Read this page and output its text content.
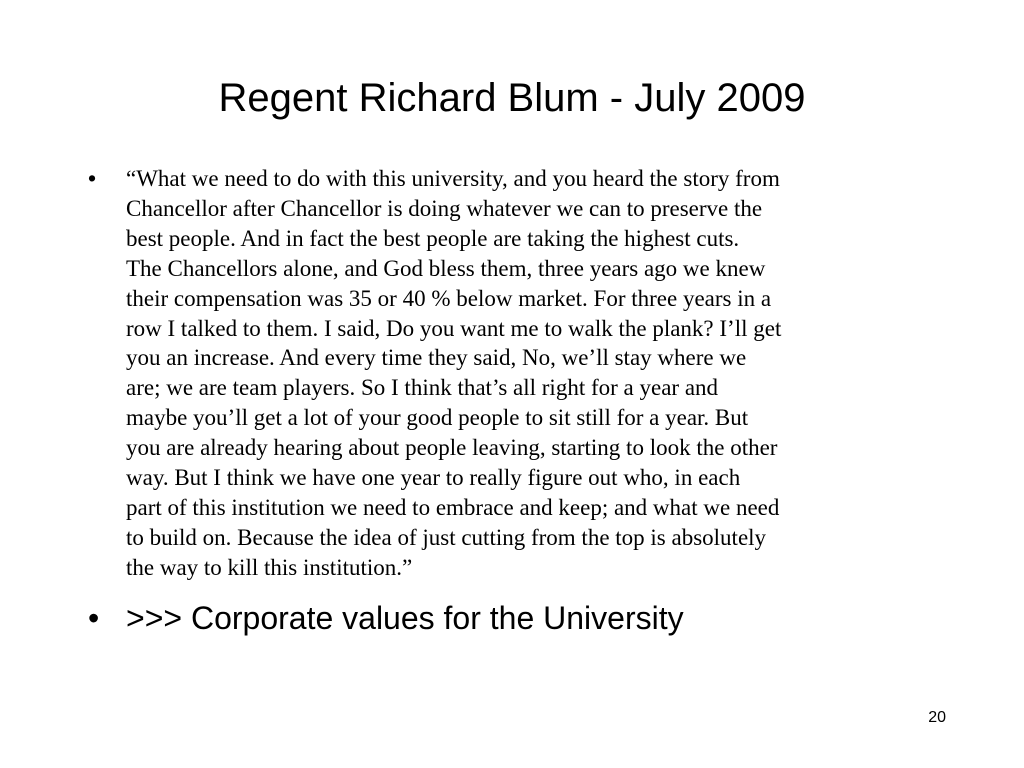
Regent Richard Blum - July 2009
• “What we need to do with this university, and you heard the story from
Chancellor after Chancellor is doing whatever we can to preserve the
best people. And in fact the best people are taking the highest cuts.
The Chancellors alone, and God bless them, three years ago we knew
their compensation was 35 or 40 % below market. For three years in a
row I talked to them. I said, Do you want me to walk the plank? I’ll get
you an increase. And every time they said, No, we’ll stay where we
are; we are team players. So I think that’s all right for a year and
maybe you’ll get a lot of your good people to sit still for a year. But
you are already hearing about people leaving, starting to look the other
way. But I think we have one year to really figure out who, in each
part of this institution we need to embrace and keep; and what we need
to build on. Because the idea of just cutting from the top is absolutely
the way to kill this institution.”
• >>> Corporate values for the University
20
